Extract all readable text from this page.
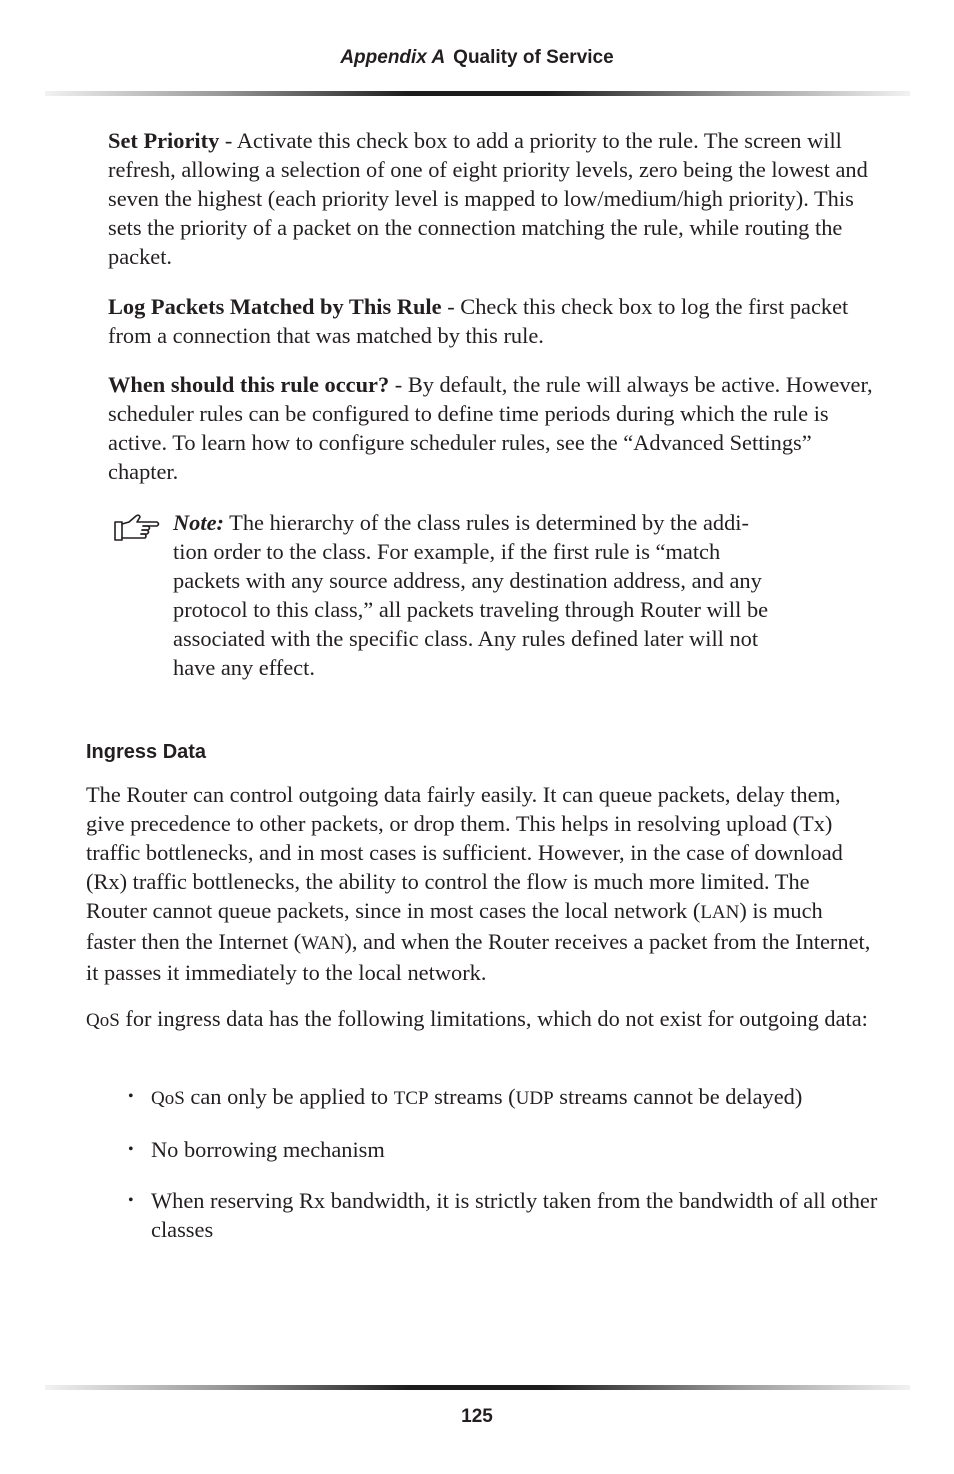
Appendix A Quality of Service

Set Priority - Activate this check box to add a priority to the rule. The screen will refresh, allowing a selection of one of eight priority levels, zero being the lowest and seven the highest (each priority level is mapped to low/medium/high priority). This sets the priority of a packet on the connection matching the rule, while routing the packet.

Log Packets Matched by This Rule - Check this check box to log the first packet from a connection that was matched by this rule.

When should this rule occur? - By default, the rule will always be active. However, scheduler rules can be configured to define time periods during which the rule is active. To learn how to configure scheduler rules, see the “Advanced Settings” chapter.

Note: The hierarchy of the class rules is determined by the addi-tion order to the class. For example, if the first rule is “match packets with any source address, any destination address, and any protocol to this class,” all packets traveling through Router will be associated with the specific class. Any rules defined later will not have any effect.

Ingress Data

The Router can control outgoing data fairly easily. It can queue packets, delay them, give precedence to other packets, or drop them. This helps in resolving upload (Tx) traffic bottlenecks, and in most cases is sufficient. However, in the case of download (Rx) traffic bottlenecks, the ability to control the flow is much more limited. The Router cannot queue packets, since in most cases the local network (LAN) is much faster then the Internet (WAN), and when the Router receives a packet from the Internet, it passes it immediately to the local network.

QoS for ingress data has the following limitations, which do not exist for outgoing data:

• QoS can only be applied to TCP streams (UDP streams cannot be delayed)
• No borrowing mechanism
• When reserving Rx bandwidth, it is strictly taken from the bandwidth of all other classes
125
